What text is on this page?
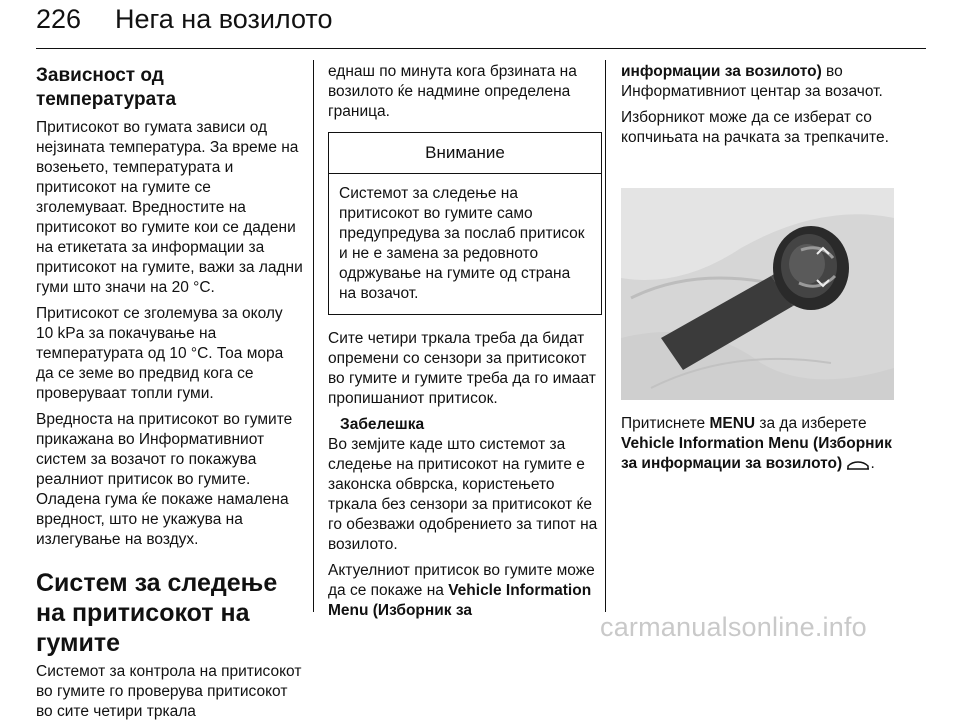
226 Нега на возилото
Зависност од температурата

Притисокот во гумата зависи од нејзината температура. За време на возењето, температурата и притисокот на гумите се зголемуваат. Вредностите на притисокот во гумите кои се дадени на етикетата за информации за притисокот на гумите, важи за ладни гуми што значи на 20 °C.

Притисокот се зголемува за околу 10 kPa за покачување на температурата од 10 °C. Тоа мора да се земе во предвид кога се проверуваат топли гуми.

Вредноста на притисокот во гумите прикажана во Информативниот систем за возачот го покажува реалниот притисок во гумите. Оладена гума ќе покаже намалена вредност, што не укажува на излегување на воздух.

Систем за следење на притисокот на гумите

Системот за контрола на притисокот во гумите го проверува притисокот во сите четири тркала

еднаш по минута кога брзината на возилото ќе надмине определена граница.

Внимание
Системот за следење на притисокот во гумите само предупредува за послаб притисок и не е замена за редовното одржување на гумите од страна на возачот.

Сите четири тркала треба да бидат опремени со сензори за притисокот во гумите и гумите треба да го имаат пропишаниот притисок.

Забелешка

Во земјите каде што системот за следење на притисокот на гумите е законска обврска, користењето тркала без сензори за притисокот ќе го обезважи одобрението за типот на возилото.

Актуелниот притисок во гумите може да се покаже на Vehicle Information Menu (Изборник за

информации за возилото) во Информативниот центар за возачот.

Изборникот може да се изберат со копчињата на рачката за трепкачите.

Притиснете MENU за да изберете Vehicle Information Menu (Изборник за информации за возилото) .

carmanualsonline.info
